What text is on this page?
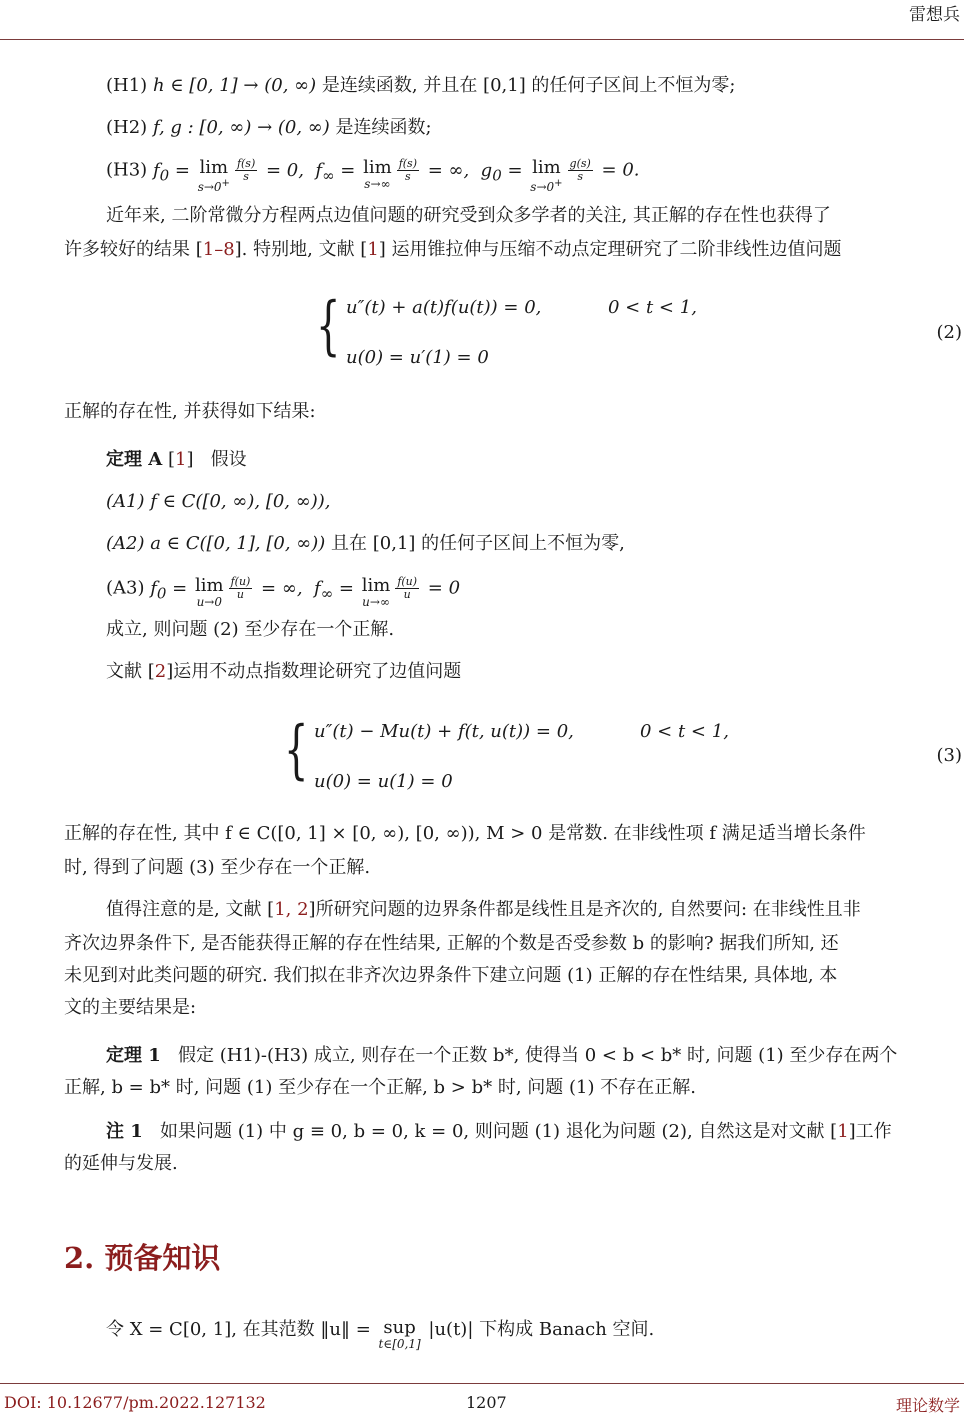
雷想兵
(H1) h ∈ [0, 1] → (0, ∞) 是连续函数, 并且在 [0,1] 的任何子区间上不恒为零;
(H2) f, g : [0, ∞) → (0, ∞) 是连续函数;
(H3) $f_0 = \lim$
s→0+
$\frac{f(s)}{s} = 0$,  $f_\infty = \lim$
s→∞
$\frac{f(s)}{s}$ = ∞,  $g_0 = \lim$
s→0+
$\frac{g(s)}{s} = 0$.
近年来, 二阶常微分方程两点边值问题的研究受到众多学者的关注, 其正解的存在性也获得了
许多较好的结果 [1–8]. 特别地, 文献 [1] 运用锥拉伸与压缩不动点定理研究了二阶非线性边值问题
{ u″(t) + a(t)f(u(t)) = 0,	0 < t < 1,
u(0) = u′(1) = 0
(2)
正解的存在性, 并获得如下结果:
定理 A [1]   假设
(A1) f ∈ C([0, ∞), [0, ∞)),
(A2) a ∈ C([0, 1], [0, ∞)) 且在 [0,1] 的任何子区间上不恒为零,
(A3) $f_0 = \lim$
u→0
$\frac{f(u)}{u}$ = ∞,  $f_\infty = \lim$
u→∞
$\frac{f(u)}{u} = 0$
成立, 则问题 (2) 至少存在一个正解.
文献 [2]运用不动点指数理论研究了边值问题
{ u″(t) − Mu(t) + f(t, u(t)) = 0,	0 < t < 1,
u(0) = u(1) = 0
(3)
正解的存在性, 其中 f ∈ C([0, 1] × [0, ∞), [0, ∞)), M > 0 是常数. 在非线性项 f 满足适当增长条件
时, 得到了问题 (3) 至少存在一个正解.
值得注意的是, 文献 [1, 2]所研究问题的边界条件都是线性且是齐次的, 自然要问: 在非线性且非
齐次边界条件下, 是否能获得正解的存在性结果, 正解的个数是否受参数 b 的影响? 据我们所知, 还
未见到对此类问题的研究. 我们拟在非齐次边界条件下建立问题 (1) 正解的存在性结果, 具体地, 本
文的主要结果是:
定理 1 假定 (H1)-(H3) 成立, 则存在一个正数 b*, 使得当 0 < b < b* 时, 问题 (1) 至少存在两个
正解, b = b* 时, 问题 (1) 至少存在一个正解, b > b* 时, 问题 (1) 不存在正解.
注 1 如果问题 (1) 中 g ≡ 0, b = 0, k = 0, 则问题 (1) 退化为问题 (2), 自然这是对文献 [1]工作
的延伸与发展.
2. 预备知识
令 X = C[0, 1], 在其范数 ‖u‖ = sup
t∈[0,1]
|u(t)| 下构成 Banach 空间.
DOI: 10.12677/pm.2022.127132	1207	理论数学
